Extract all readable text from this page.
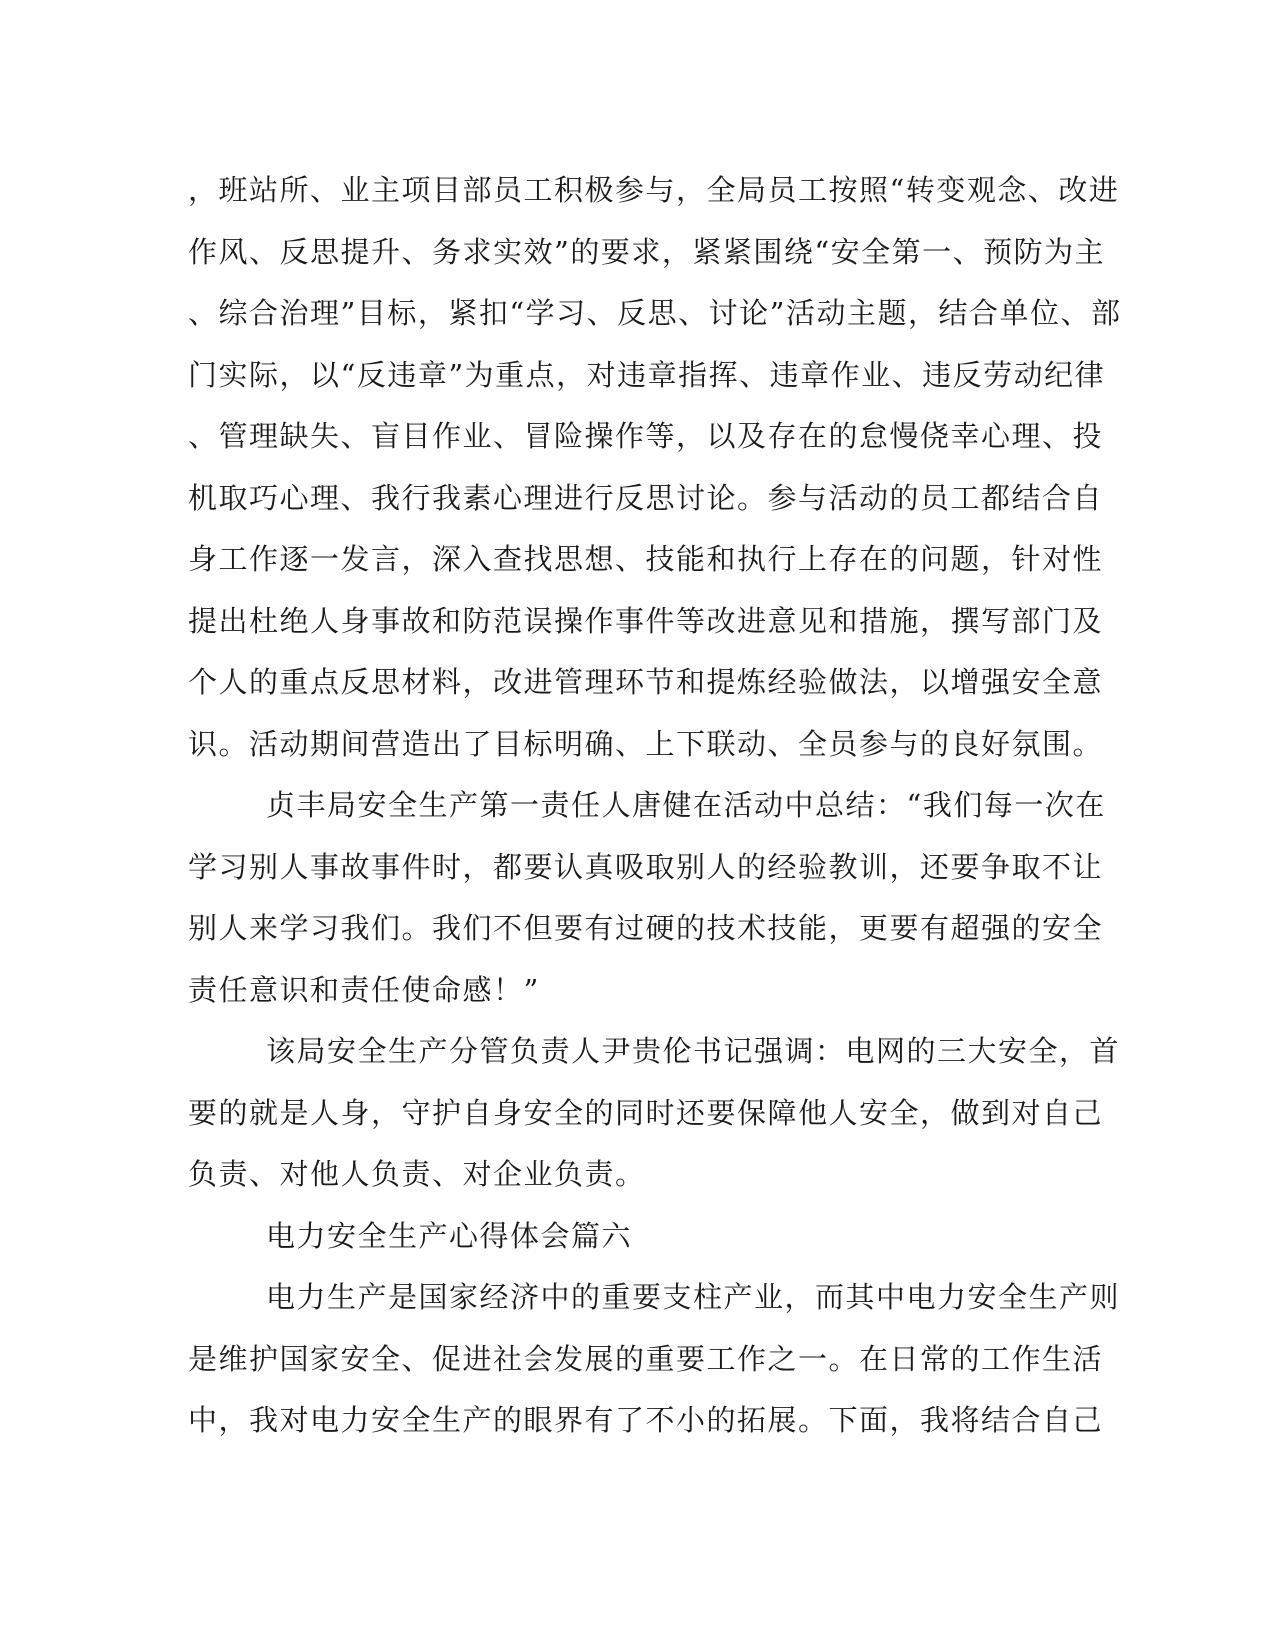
，班站所、业主项目部员工积极参与，全局员工按照“转变观念、改进
作风、反思提升、务求实效”的要求，紧紧围绕“安全第一、预防为主
、综合治理”目标，紧扣“学习、反思、讨论”活动主题，结合单位、部
门实际，以“反违章”为重点，对违章指挥、违章作业、违反劳动纪律
、管理缺失、盲目作业、冒险操作等，以及存在的怠慢侥幸心理、投
机取巧心理、我行我素心理进行反思讨论。参与活动的员工都结合自
身工作逐一发言，深入查找思想、技能和执行上存在的问题，针对性
提出杜绝人身事故和防范误操作事件等改进意见和措施，撰写部门及
个人的重点反思材料，改进管理环节和提炼经验做法，以增强安全意
识。活动期间营造出了目标明确、上下联动、全员参与的良好氛围。
贞丰局安全生产第一责任人唐健在活动中总结：“我们每一次在
学习别人事故事件时，都要认真吸取别人的经验教训，还要争取不让
别人来学习我们。我们不但要有过硬的技术技能，更要有超强的安全
责任意识和责任使命感！”
该局安全生产分管负责人尹贵伦书记强调：电网的三大安全，首
要的就是人身，守护自身安全的同时还要保障他人安全，做到对自己
负责、对他人负责、对企业负责。
电力安全生产心得体会篇六
电力生产是国家经济中的重要支柱产业，而其中电力安全生产则
是维护国家安全、促进社会发展的重要工作之一。在日常的工作生活
中，我对电力安全生产的眼界有了不小的拓展。下面，我将结合自己
